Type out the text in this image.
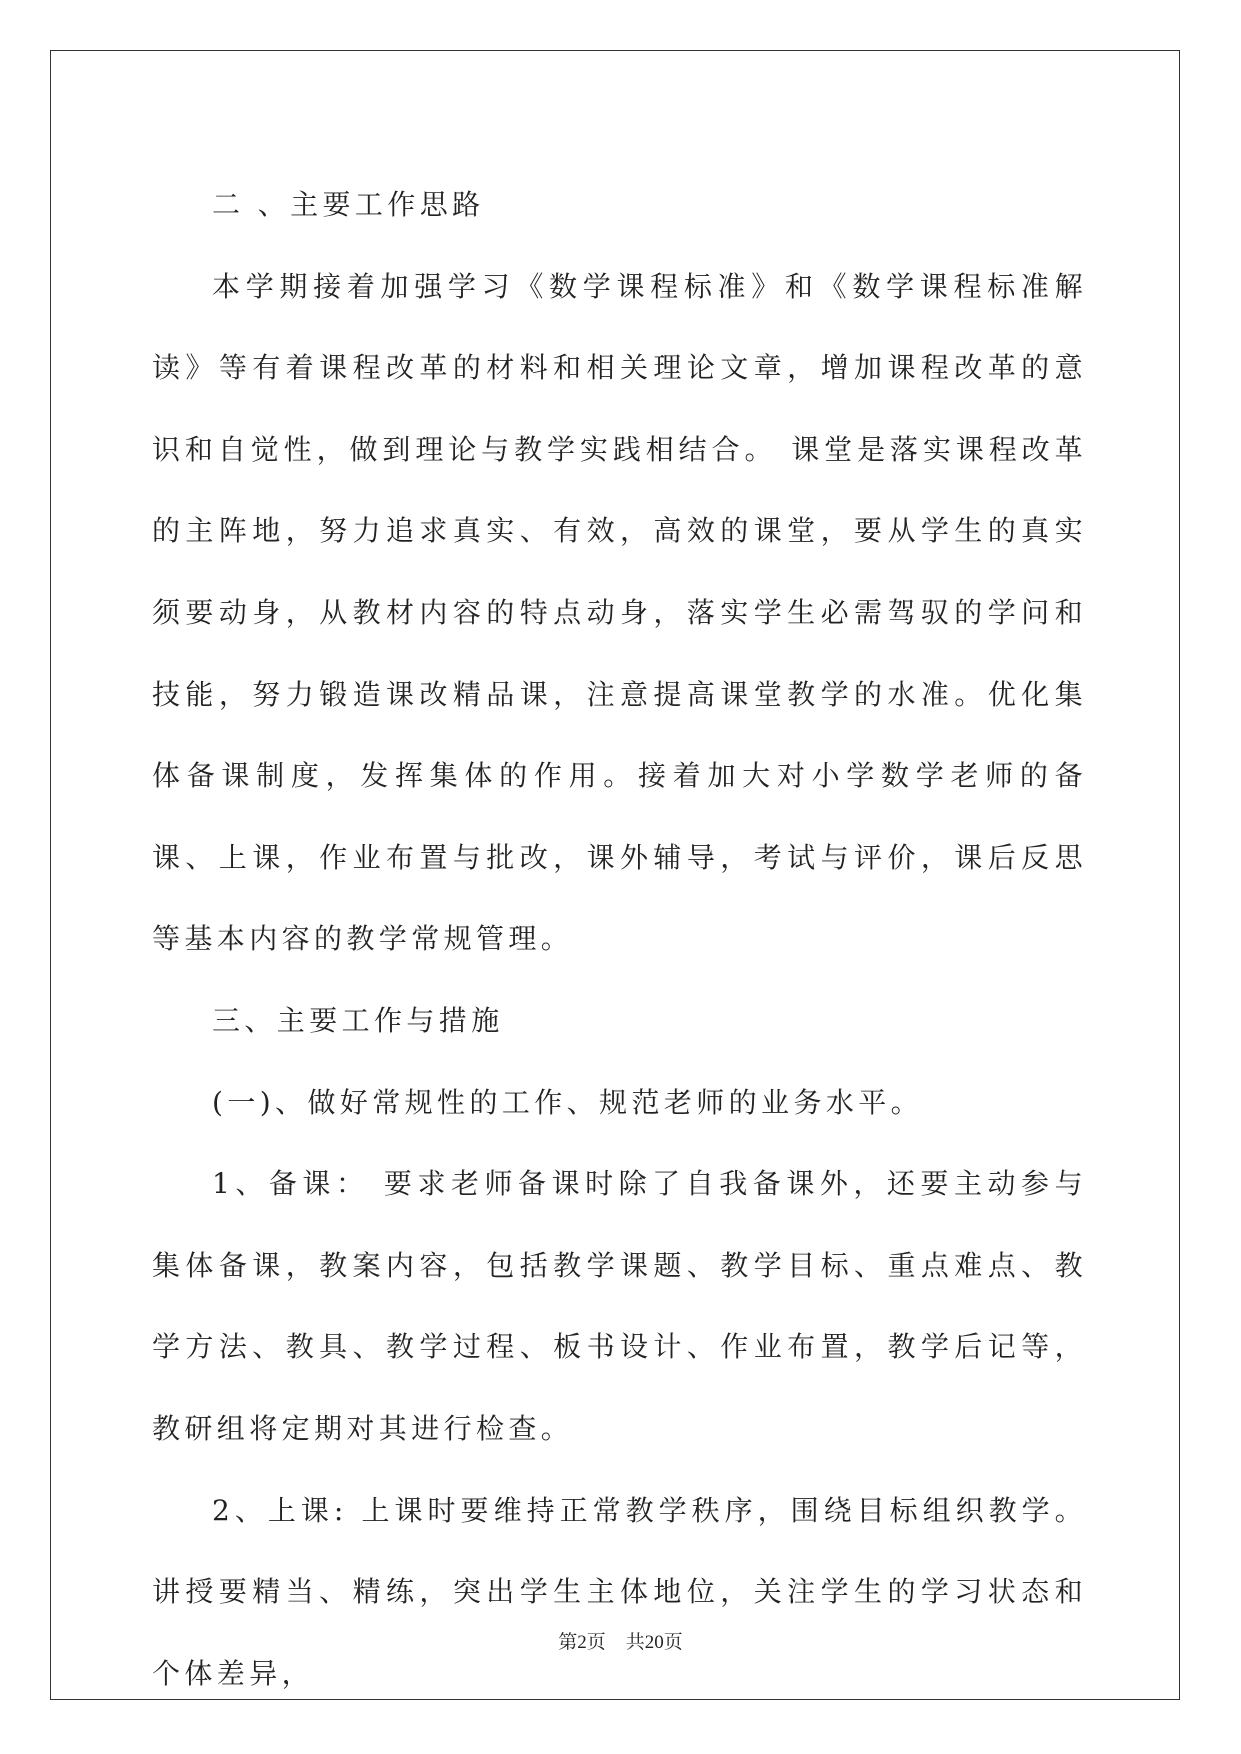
二 、主要工作思路

本学期接着加强学习《数学课程标准》和《数学课程标准解读》等有着课程改革的材料和相关理论文章，增加课程改革的意识和自觉性，做到理论与教学实践相结合。 课堂是落实课程改革的主阵地，努力追求真实、有效，高效的课堂，要从学生的真实须要动身，从教材内容的特点动身，落实学生必需驾驭的学问和技能，努力锻造课改精品课，注意提高课堂教学的水准。优化集体备课制度，发挥集体的作用。接着加大对小学数学老师的备课、上课，作业布置与批改，课外辅导，考试与评价，课后反思等基本内容的教学常规管理。

三、主要工作与措施

(一)、做好常规性的工作、规范老师的业务水平。

1、备课： 要求老师备课时除了自我备课外，还要主动参与集体备课，教案内容，包括教学课题、教学目标、重点难点、教学方法、教具、教学过程、板书设计、作业布置，教学后记等，教研组将定期对其进行检查。

2、上课: 上课时要维持正常教学秩序，围绕目标组织教学。讲授要精当、精练，突出学生主体地位，关注学生的学习状态和个体差异，

第2页 共20页
